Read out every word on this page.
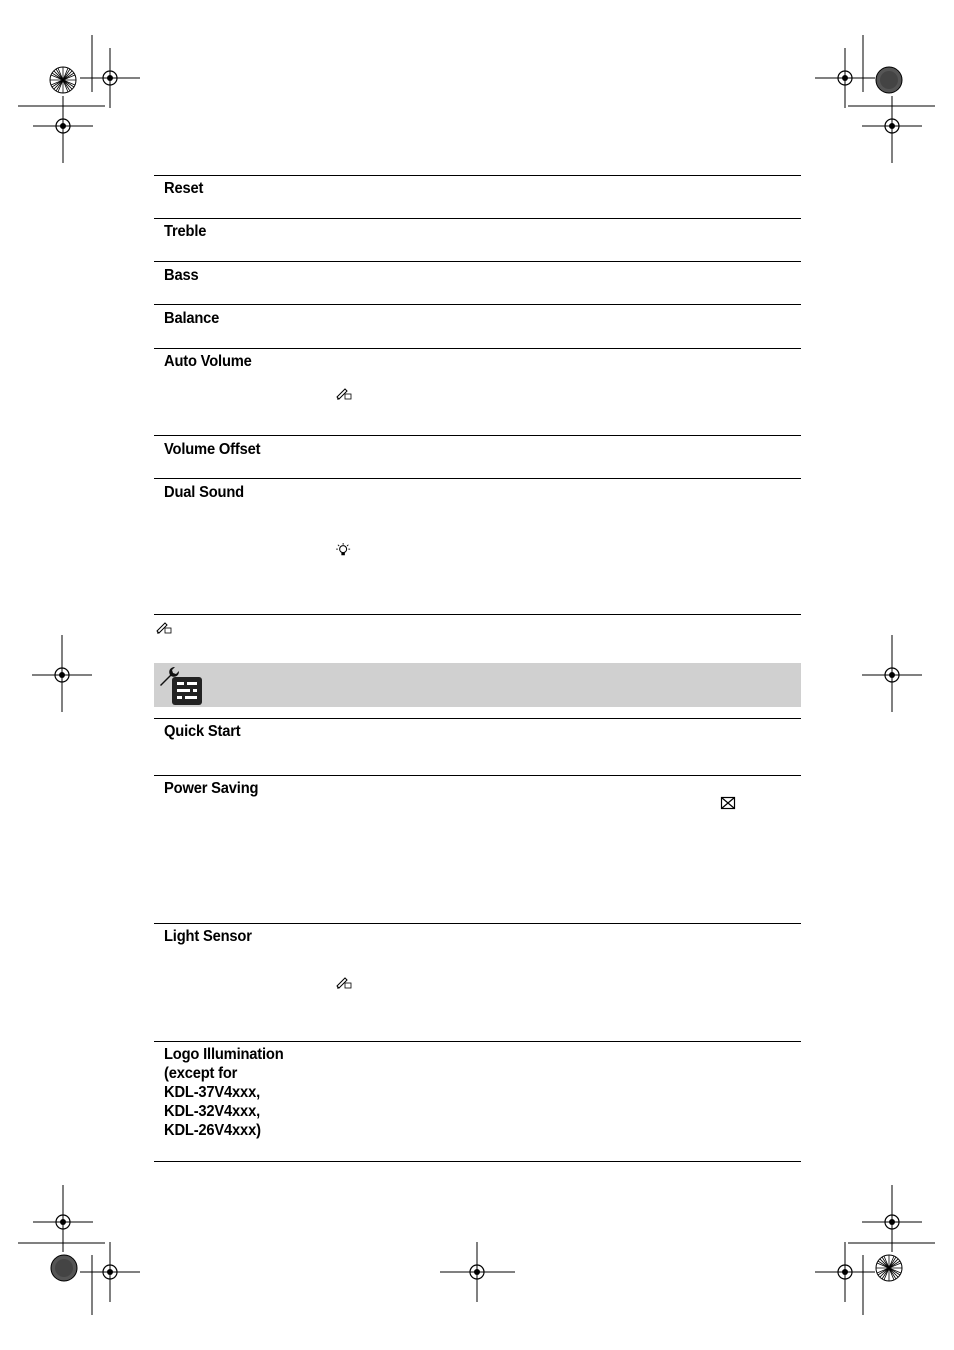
Reset
Treble
Bass
Balance
Auto Volume
Volume Offset
Dual Sound
Quick Start
Power Saving
Light Sensor
Logo Illumination
(except for
KDL-37V4xxx,
KDL-32V4xxx,
KDL-26V4xxx)
